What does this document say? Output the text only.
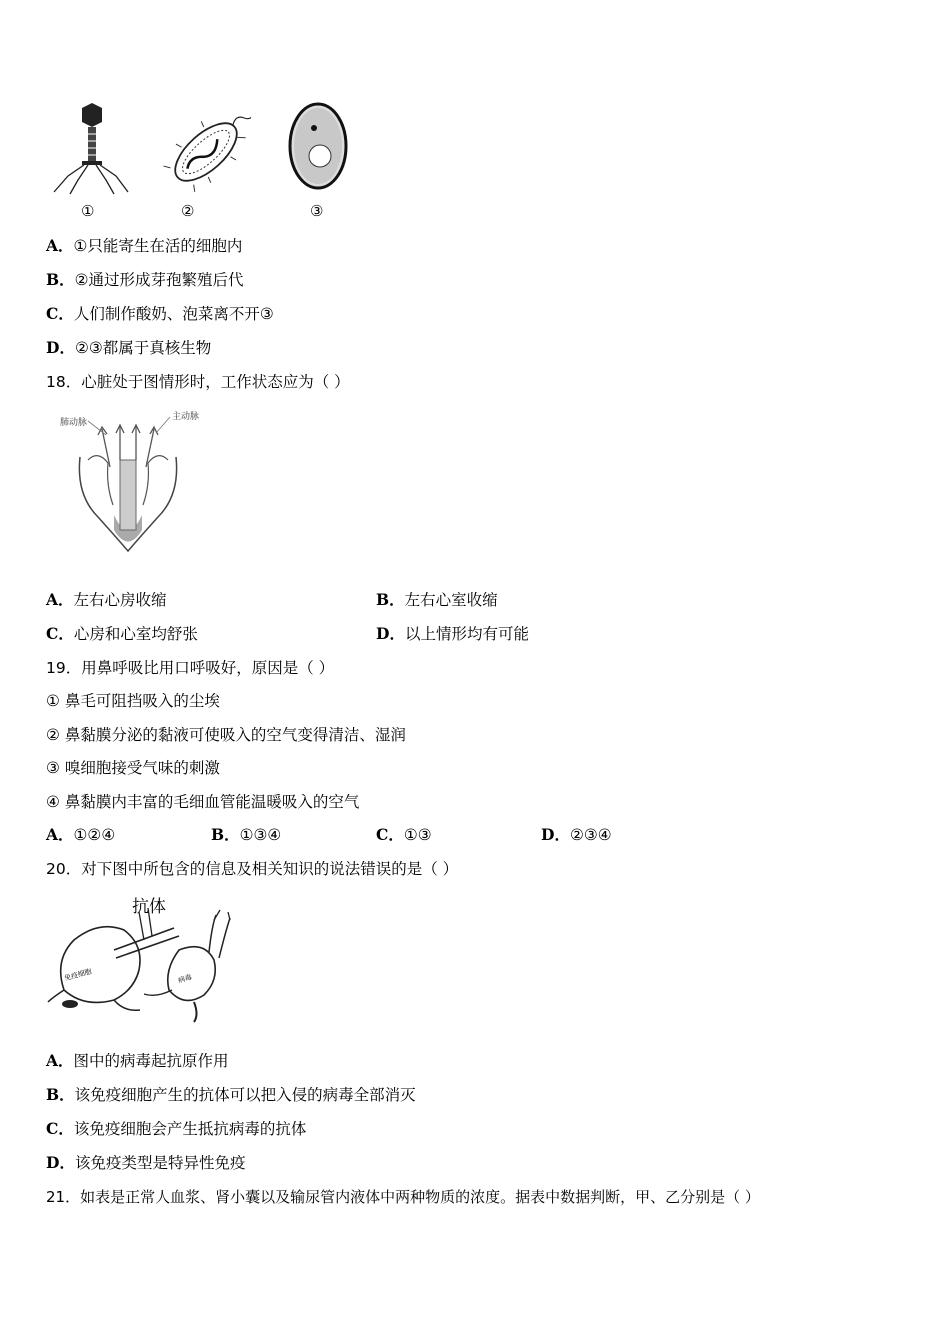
①	②	③
A．①只能寄生在活的细胞内
B．②通过形成芽孢繁殖后代
C．人们制作酸奶、泡菜离不开③
D．②③都属于真核生物
18．心脏处于图情形时，工作状态应为（ ）
肺动脉
主动脉
A．左右心房收缩	B．左右心室收缩
C．心房和心室均舒张	D．以上情形均有可能
19．用鼻呼吸比用口呼吸好，原因是（ ）
① 鼻毛可阻挡吸入的尘埃
② 鼻黏膜分泌的黏液可使吸入的空气变得清洁、湿润
③ 嗅细胞接受气味的刺激
④ 鼻黏膜内丰富的毛细血管能温暖吸入的空气
A．①②④	B．①③④	C．①③	D．②③④
20．对下图中所包含的信息及相关知识的说法错误的是（ ）
抗体
免疫细胞	病毒
A．图中的病毒起抗原作用
B．该免疫细胞产生的抗体可以把入侵的病毒全部消灭
C．该免疫细胞会产生抵抗病毒的抗体
D．该免疫类型是特异性免疫
21．如表是正常人血浆、肾小囊以及输尿管内液体中两种物质的浓度。据表中数据判断，甲、乙分别是（ ）
